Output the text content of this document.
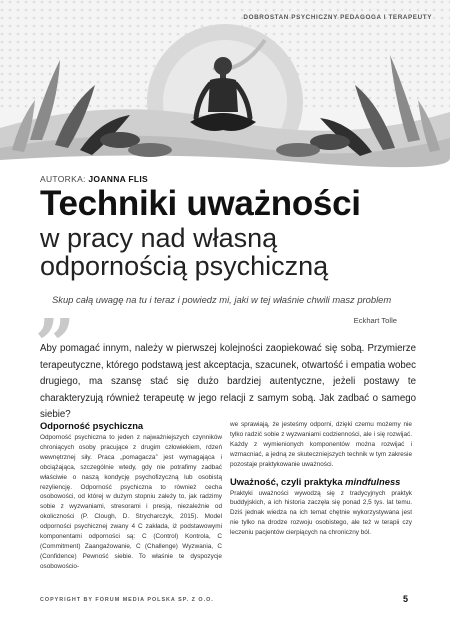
DOBROSTAN PSYCHICZNY PEDAGOGA I TERAPEUTY
AUTORKA: JOANNA FLIS
Techniki uważności
w pracy nad własną
odpornością psychiczną
„
Skup całą uwagę na tu i teraz i powiedz mi, jaki w tej właśnie chwili masz problem
Eckhart Tolle
Aby pomagać innym, należy w pierwszej kolejności zaopiekować się sobą. Przymierze terapeutyczne, którego podstawą jest akceptacja, szacunek, otwartość i empatia wobec drugiego, ma szansę stać się dużo bardziej autentyczne, jeżeli postawy te charakteryzują również terapeutę w jego relacji z samym sobą. Jak zadbać o samego siebie?
Odporność psychiczna

Odporność psychiczna to jeden z najważniejszych czynników chroniących osoby pracujące z drugim człowiekiem, rdzeń wewnętrznej siły. Praca „pomagacza” jest wymagająca i obciążająca, szczególnie wtedy, gdy nie potrafimy zadbać właściwie o naszą kondycję psychofizyczną lub osobistą rezyliencję. Odporność psychiczna to również cecha osobowości, od której w dużym stopniu zależy to, jak radzimy sobie z wyzwaniami, stresorami i presją, niezależnie od okoliczności (P. Clough, D. Strycharczyk, 2015). Model odporności psychicznej zwany 4 C zakłada, iż podstawowymi komponentami odporności są: C (Control) Kontrola, C (Commitment) Zaangażowanie, C (Challenge) Wyzwania, C (Confidence) Pewność siebie. To właśnie te dyspozycje osobowościo-

we sprawiają, że jesteśmy odporni, dzięki czemu możemy nie tylko radzić sobie z wyzwaniami codzienności, ale i się rozwijać. Każdy z wymienionych komponentów można rozwijać i wzmacniać, a jedną ze skuteczniejszych technik w tym zakresie pozostaje praktykowanie uważności.

Uważność, czyli praktyka mindfulness

Praktyki uważności wywodzą się z tradycyjnych praktyk buddyjskich, a ich historia zaczęła się ponad 2,5 tys. lat temu. Dziś jednak wiedza na ich temat chętnie wykorzystywana jest nie tylko na drodze rozwoju osobistego, ale też w terapii czy leczeniu pacjentów cierpiących na chroniczny ból.

COPYRIGHT BY FORUM MEDIA POLSKA SP. Z O.O.	5
